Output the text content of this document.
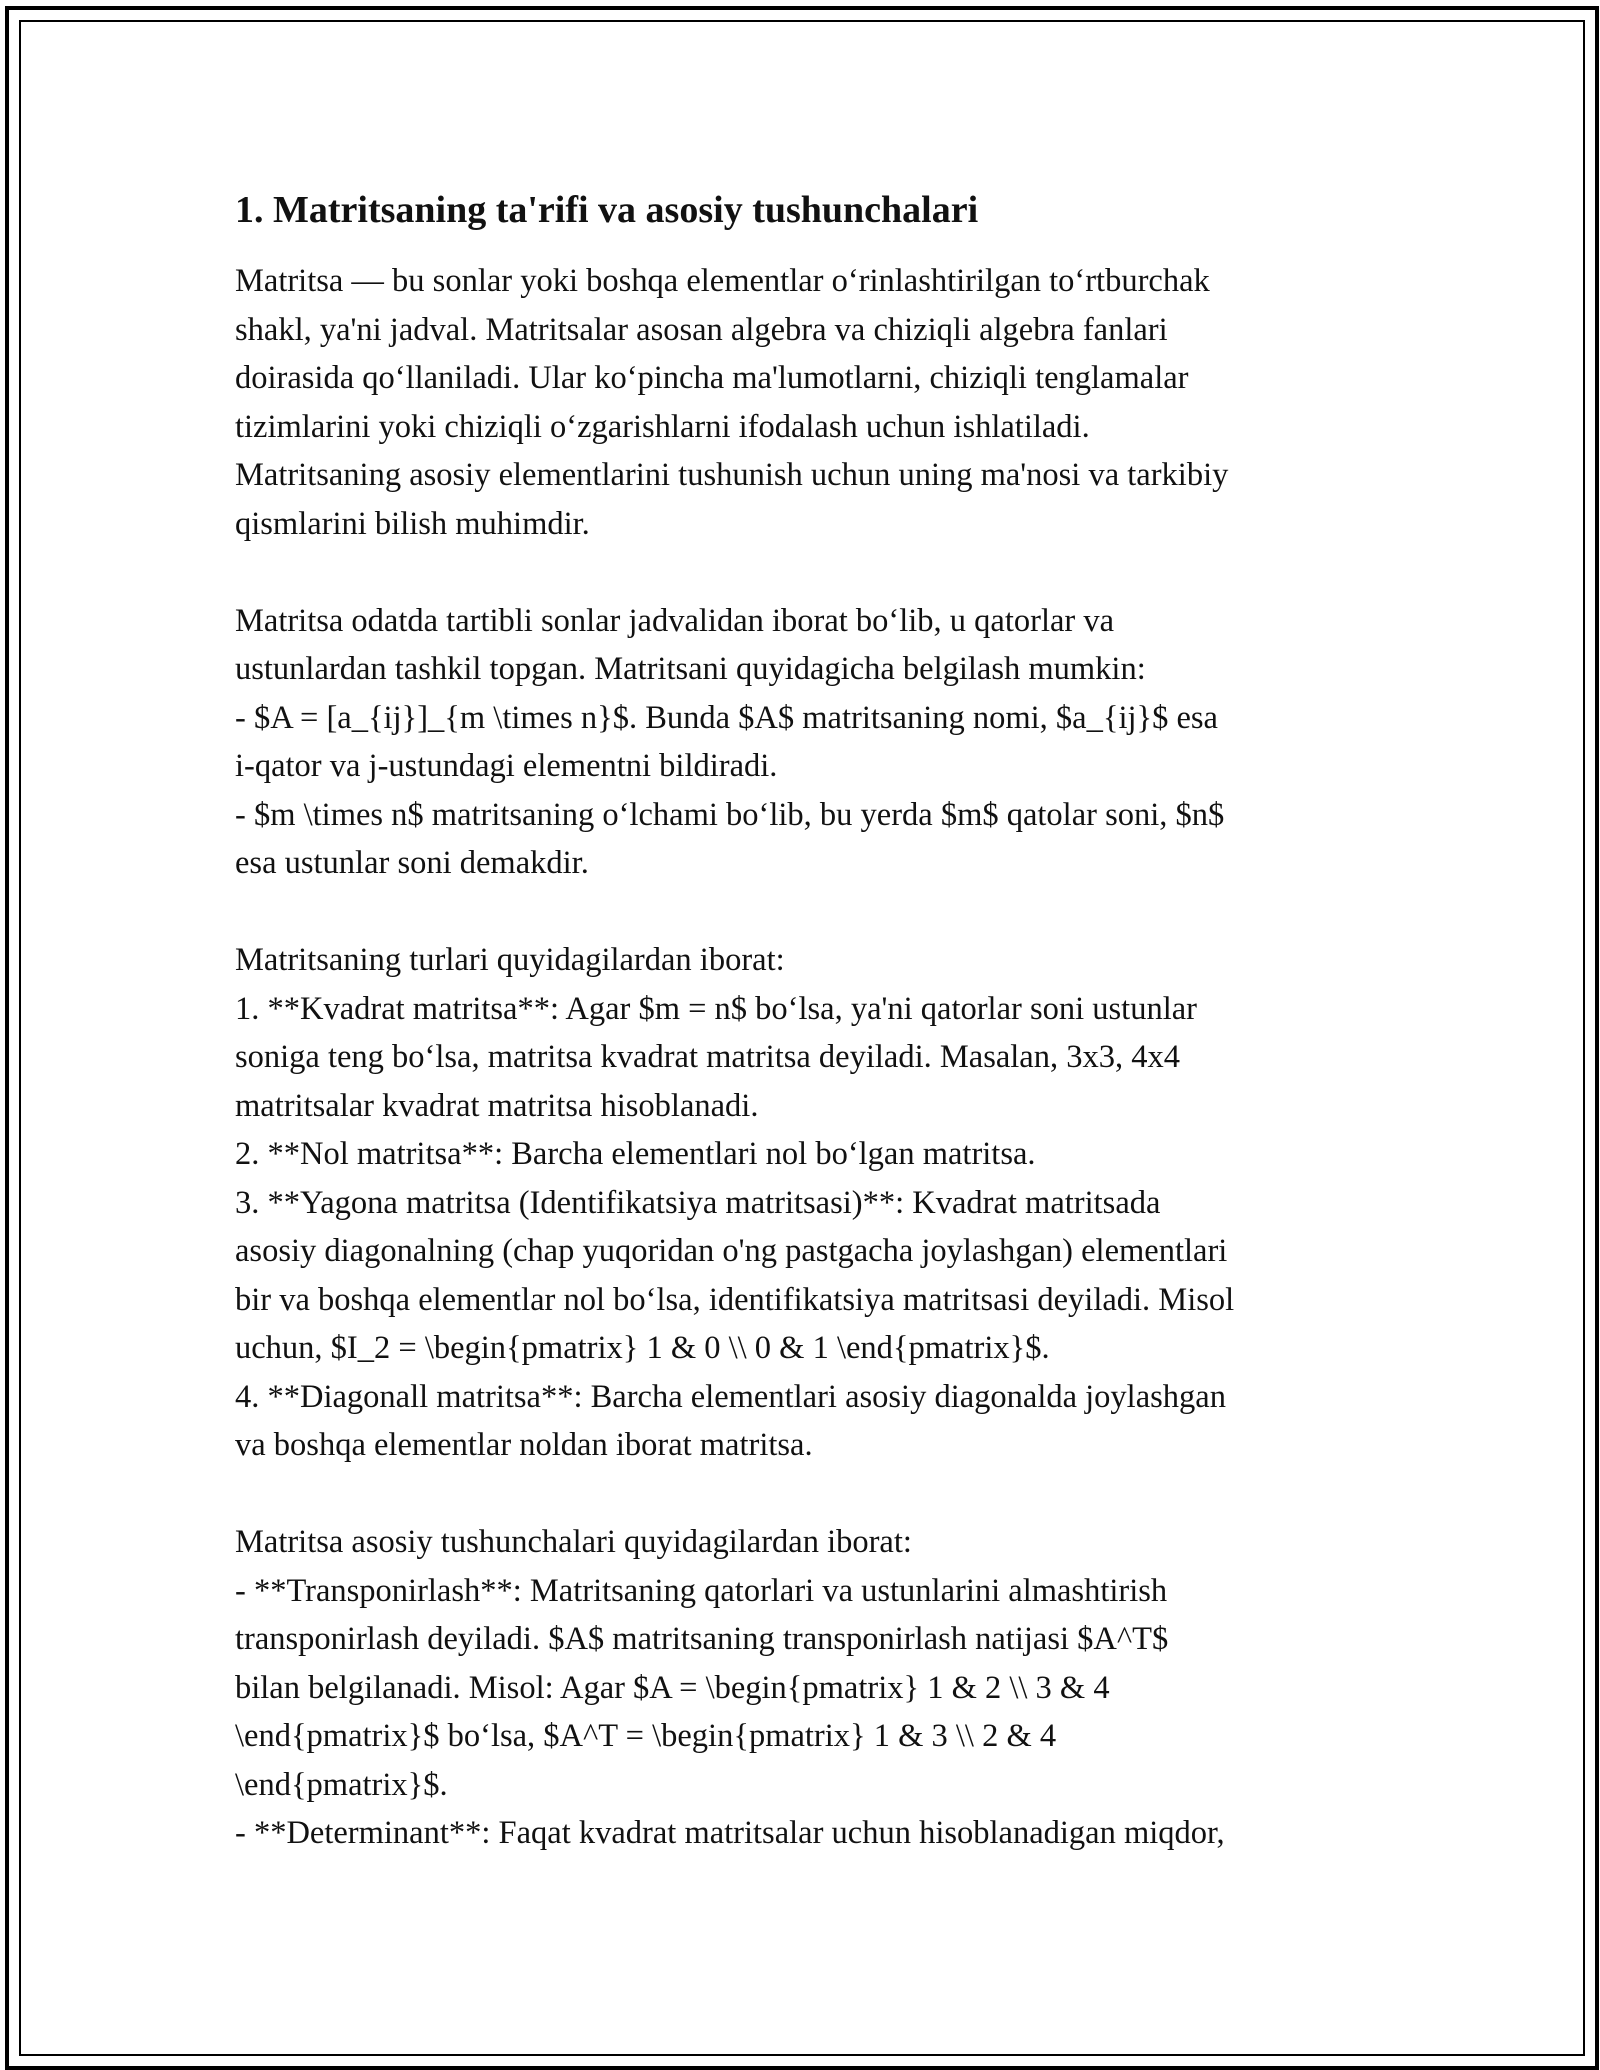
1. Matritsaning ta'rifi va asosiy tushunchalari
Matritsa — bu sonlar yoki boshqa elementlar o‘rinlashtirilgan to‘rtburchak
shakl, ya'ni jadval. Matritsalar asosan algebra va chiziqli algebra fanlari
doirasida qo‘llaniladi. Ular ko‘pincha ma'lumotlarni, chiziqli tenglamalar
tizimlarini yoki chiziqli o‘zgarishlarni ifodalash uchun ishlatiladi.
Matritsaning asosiy elementlarini tushunish uchun uning ma'nosi va tarkibiy
qismlarini bilish muhimdir.
Matritsa odatda tartibli sonlar jadvalidan iborat bo‘lib, u qatorlar va
ustunlardan tashkil topgan. Matritsani quyidagicha belgilash mumkin:
- $A = [a_{ij}]_{m \times n}$. Bunda $A$ matritsaning nomi, $a_{ij}$ esa
i-qator va j-ustundagi elementni bildiradi.
- $m \times n$ matritsaning o‘lchami bo‘lib, bu yerda $m$ qatolar soni, $n$
esa ustunlar soni demakdir.
Matritsaning turlari quyidagilardan iborat:
1. **Kvadrat matritsa**: Agar $m = n$ bo‘lsa, ya'ni qatorlar soni ustunlar
soniga teng bo‘lsa, matritsa kvadrat matritsa deyiladi. Masalan, 3x3, 4x4
matritsalar kvadrat matritsa hisoblanadi.
2. **Nol matritsa**: Barcha elementlari nol bo‘lgan matritsa.
3. **Yagona matritsa (Identifikatsiya matritsasi)**: Kvadrat matritsada
asosiy diagonalning (chap yuqoridan o'ng pastgacha joylashgan) elementlari
bir va boshqa elementlar nol bo‘lsa, identifikatsiya matritsasi deyiladi. Misol
uchun, $I_2 = \begin{pmatrix} 1 & 0 \\ 0 & 1 \end{pmatrix}$.
4. **Diagonall matritsa**: Barcha elementlari asosiy diagonalda joylashgan
va boshqa elementlar noldan iborat matritsa.
Matritsa asosiy tushunchalari quyidagilardan iborat:
- **Transponirlash**: Matritsaning qatorlari va ustunlarini almashtirish
transponirlash deyiladi. $A$ matritsaning transponirlash natijasi $A^T$
bilan belgilanadi. Misol: Agar $A = \begin{pmatrix} 1 & 2 \\ 3 & 4
\end{pmatrix}$ bo‘lsa, $A^T = \begin{pmatrix} 1 & 3 \\ 2 & 4
\end{pmatrix}$.
- **Determinant**: Faqat kvadrat matritsalar uchun hisoblanadigan miqdor,
